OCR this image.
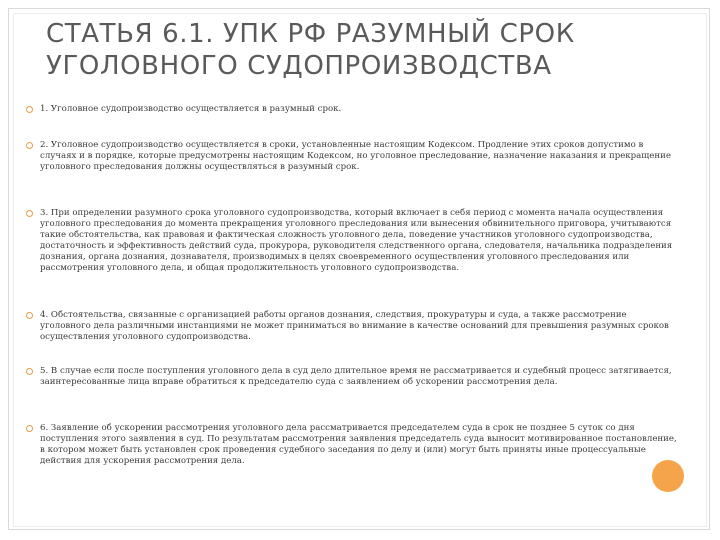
СТАТЬЯ 6.1. УПК РФ РАЗУМНЫЙ СРОК УГОЛОВНОГО СУДОПРОИЗВОДСТВА
1. Уголовное судопроизводство осуществляется в разумный срок.
2. Уголовное судопроизводство осуществляется в сроки, установленные настоящим Кодексом. Продление этих сроков допустимо в случаях и в порядке, которые предусмотрены настоящим Кодексом, но уголовное преследование, назначение наказания и прекращение уголовного преследования должны осуществляться в разумный срок.
3. При определении разумного срока уголовного судопроизводства, который включает в себя период с момента начала осуществления уголовного преследования до момента прекращения уголовного преследования или вынесения обвинительного приговора, учитываются такие обстоятельства, как правовая и фактическая сложность уголовного дела, поведение участников уголовного судопроизводства, достаточность и эффективность действий суда, прокурора, руководителя следственного органа, следователя, начальника подразделения дознания, органа дознания, дознавателя, производимых в целях своевременного осуществления уголовного преследования или рассмотрения уголовного дела, и общая продолжительность уголовного судопроизводства.
4. Обстоятельства, связанные с организацией работы органов дознания, следствия, прокуратуры и суда, а также рассмотрение уголовного дела различными инстанциями не может приниматься во внимание в качестве оснований для превышения разумных сроков осуществления уголовного судопроизводства.
5. В случае если после поступления уголовного дела в суд дело длительное время не рассматривается и судебный процесс затягивается, заинтересованные лица вправе обратиться к председателю суда с заявлением об ускорении рассмотрения дела.
6. Заявление об ускорении рассмотрения уголовного дела рассматривается председателем суда в срок не позднее 5 суток со дня поступления этого заявления в суд. По результатам рассмотрения заявления председатель суда выносит мотивированное постановление, в котором может быть установлен срок проведения судебного заседания по делу и (или) могут быть приняты иные процессуальные действия для ускорения рассмотрения дела.
